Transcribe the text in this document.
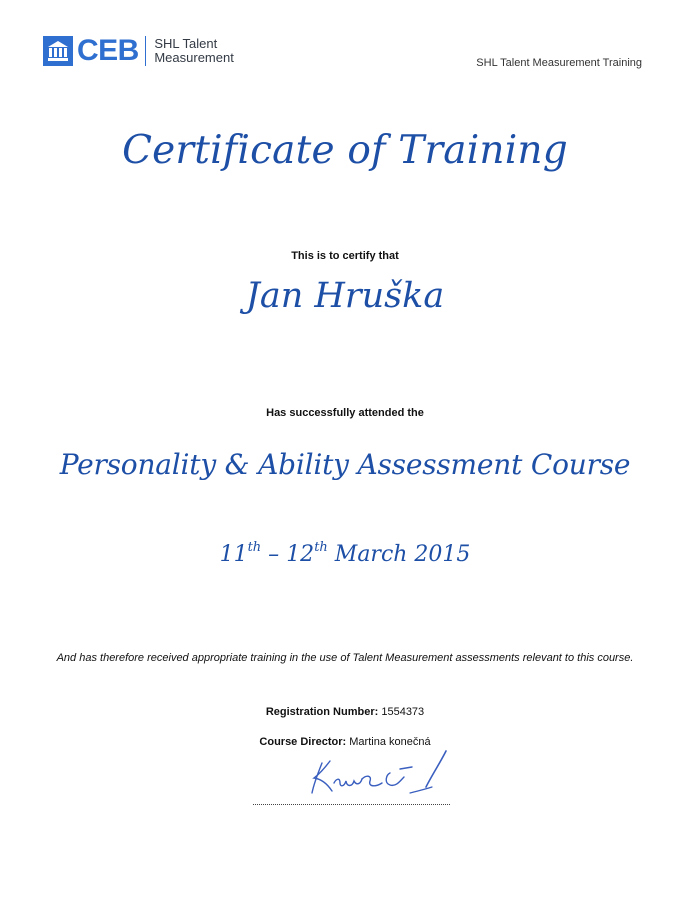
CEB SHL Talent
Measurement	SHL Talent Measurement Training
Certificate of Training
This is to certify that
Jan Hruška
Has successfully attended the
Personality & Ability Assessment Course
11th – 12th March 2015
And has therefore received appropriate training in the use of Talent Measurement assessments relevant to this course.
Registration Number: 1554373
Course Director: Martina konečná
